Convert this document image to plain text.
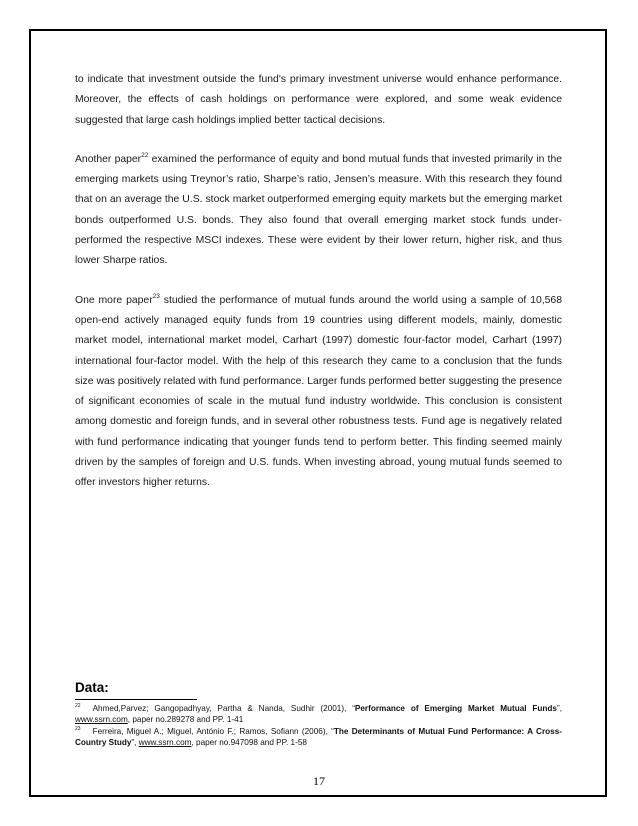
to indicate that investment outside the fund's primary investment universe would enhance performance. Moreover, the effects of cash holdings on performance were explored, and some weak evidence suggested that large cash holdings implied better tactical decisions.

Another paper$^{22}$ examined the performance of equity and bond mutual funds that invested primarily in the emerging markets using Treynor’s ratio, Sharpe’s ratio, Jensen’s measure. With this research they found that on an average the U.S. stock market outperformed emerging equity markets but the emerging market bonds outperformed U.S. bonds. They also found that overall emerging market stock funds under-performed the respective MSCI indexes. These were evident by their lower return, higher risk, and thus lower Sharpe ratios.

One more paper$^{23}$ studied the performance of mutual funds around the world using a sample of 10,568 open-end actively managed equity funds from 19 countries using different models, mainly, domestic market model, international market model, Carhart (1997) domestic four-factor model, Carhart (1997) international four-factor model. With the help of this research they came to a conclusion that the funds size was positively related with fund performance. Larger funds performed better suggesting the presence of significant economies of scale in the mutual fund industry worldwide. This conclusion is consistent among domestic and foreign funds, and in several other robustness tests. Fund age is negatively related with fund performance indicating that younger funds tend to perform better. This finding seemed mainly driven by the samples of foreign and U.S. funds. When investing abroad, young mutual funds seemed to offer investors higher returns.

Data:

$^{22}$ Ahmed,Parvez; Gangopadhyay, Partha & Nanda, Sudhir (2001), “Performance of Emerging Market Mutual Funds”, www.ssrn.com, paper no.289278 and PP. 1-41

$^{23}$ Ferreira, Miguel A.; Miguel, António F.; Ramos, Sofiann (2006), “The Determinants of Mutual Fund Performance: A Cross-Country Study”, www.ssrn.com, paper no.947098 and PP. 1-58

17
